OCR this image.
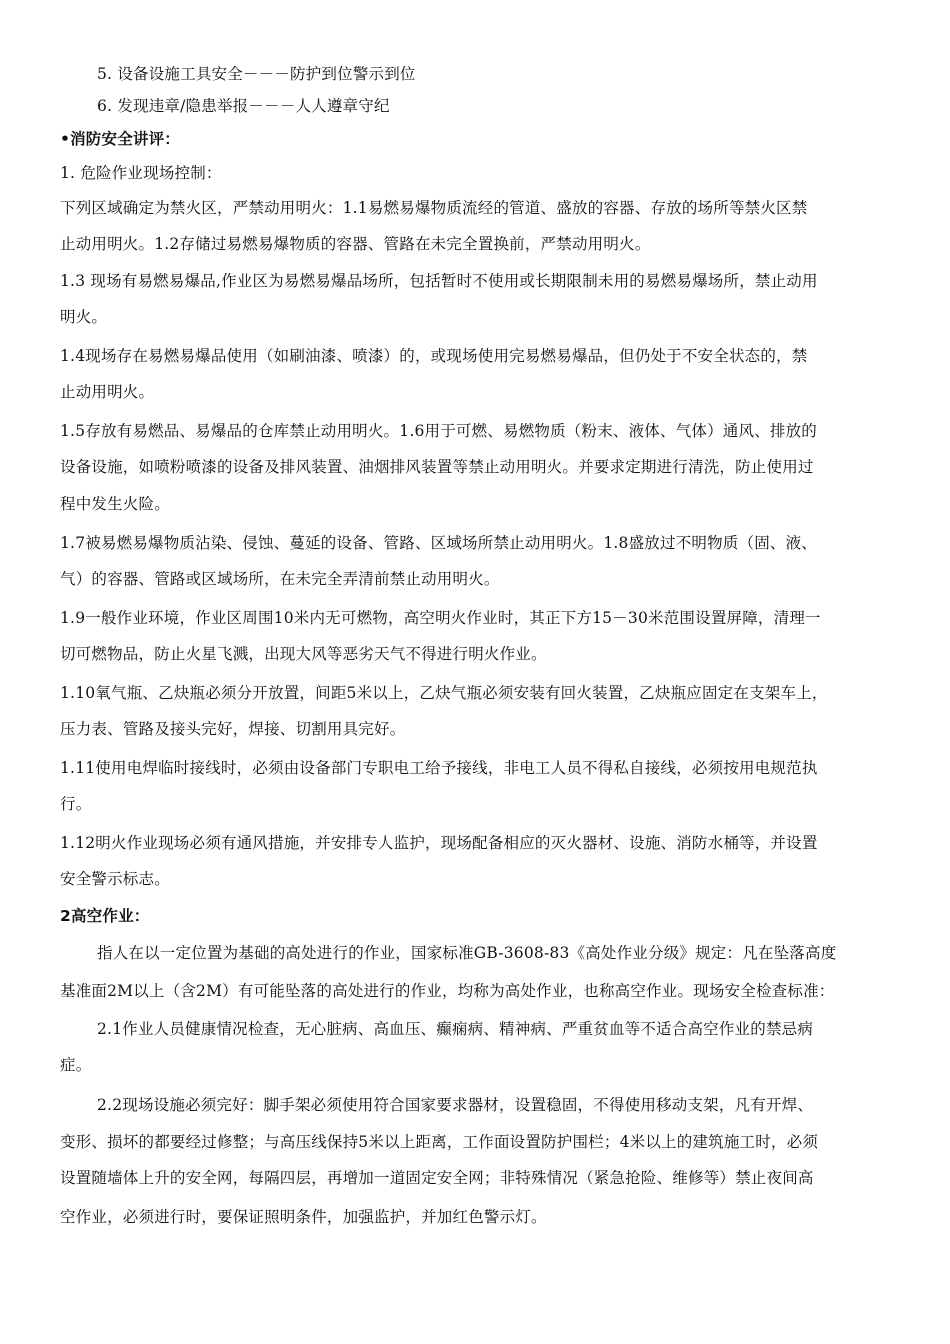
5. 设备设施工具安全－－－防护到位警示到位
6. 发现违章/隐患举报－－－人人遵章守纪
•消防安全讲评：
1. 危险作业现场控制：
下列区域确定为禁火区，严禁动用明火：1.1易燃易爆物质流经的管道、盛放的容器、存放的场所等禁火区禁
止动用明火。1.2存储过易燃易爆物质的容器、管路在未完全置换前，严禁动用明火。
1.3 现场有易燃易爆品,作业区为易燃易爆品场所，包括暂时不使用或长期限制未用的易燃易爆场所，禁止动用
明火。
1.4现场存在易燃易爆品使用（如刷油漆、喷漆）的，或现场使用完易燃易爆品，但仍处于不安全状态的，禁
止动用明火。
1.5存放有易燃品、易爆品的仓库禁止动用明火。1.6用于可燃、易燃物质（粉末、液体、气体）通风、排放的
设备设施，如喷粉喷漆的设备及排风装置、油烟排风装置等禁止动用明火。并要求定期进行清洗，防止使用过
程中发生火险。
1.7被易燃易爆物质沾染、侵蚀、蔓延的设备、管路、区域场所禁止动用明火。1.8盛放过不明物质（固、液、
气）的容器、管路或区域场所，在未完全弄清前禁止动用明火。
1.9一般作业环境，作业区周围10米内无可燃物，高空明火作业时，其正下方15－30米范围设置屏障，清理一
切可燃物品，防止火星飞溅，出现大风等恶劣天气不得进行明火作业。
1.10氧气瓶、乙炔瓶必须分开放置，间距5米以上，乙炔气瓶必须安装有回火装置，乙炔瓶应固定在支架车上，
压力表、管路及接头完好，焊接、切割用具完好。
1.11使用电焊临时接线时，必须由设备部门专职电工给予接线，非电工人员不得私自接线，必须按用电规范执
行。
1.12明火作业现场必须有通风措施，并安排专人监护，现场配备相应的灭火器材、设施、消防水桶等，并设置
安全警示标志。
2高空作业：
指人在以一定位置为基础的高处进行的作业，国家标准GB-3608-83《高处作业分级》规定：凡在坠落高度
基准面2M以上（含2M）有可能坠落的高处进行的作业，均称为高处作业，也称高空作业。现场安全检查标准：
2.1作业人员健康情况检查，无心脏病、高血压、癫痫病、精神病、严重贫血等不适合高空作业的禁忌病
症。
2.2现场设施必须完好：脚手架必须使用符合国家要求器材，设置稳固，不得使用移动支架，凡有开焊、
变形、损坏的都要经过修整；与高压线保持5米以上距离，工作面设置防护围栏；4米以上的建筑施工时，必须
设置随墙体上升的安全网，每隔四层，再增加一道固定安全网；非特殊情况（紧急抢险、维修等）禁止夜间高
空作业，必须进行时，要保证照明条件，加强监护，并加红色警示灯。
